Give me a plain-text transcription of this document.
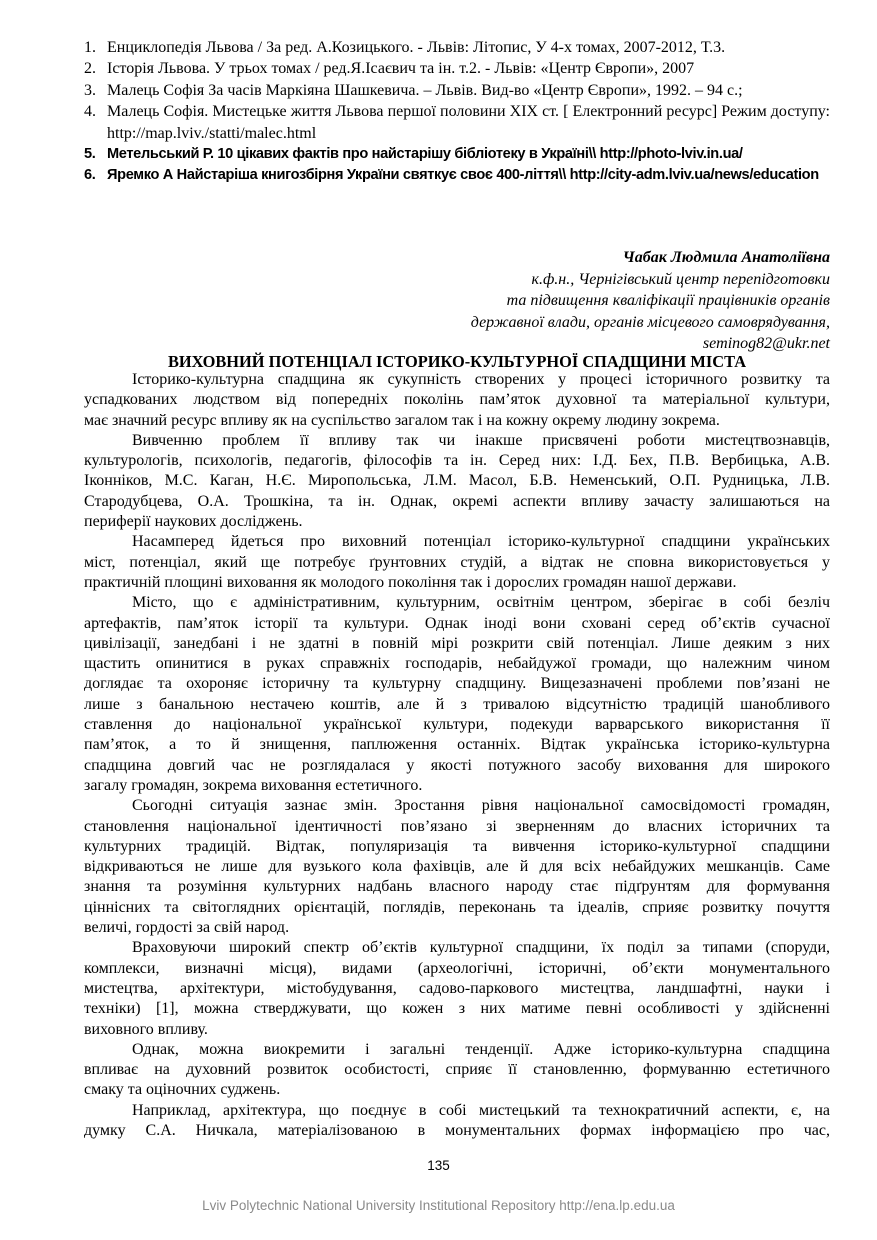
1. Енциклопедія Львова / За ред. А.Козицького. - Львів: Літопис, У 4-х томах, 2007-2012, Т.3.
2. Історія Львова. У трьох томах / ред.Я.Ісаєвич та ін. т.2. - Львів: «Центр Європи», 2007
3. Малець Софія За часів Маркіяна Шашкевича. – Львів. Вид-во «Центр Європи», 1992. – 94 с.;
4. Малець Софія. Мистецьке життя Львова першої половини ХІХ ст. [ Електронний ресурс] Режим доступу: http://map.lviv./statti/malec.html
5. Метельський Р. 10 цікавих фактів про найстарішу бібліотеку в Україні\\ http://photo-lviv.in.ua/
6. Яремко А Найстаріша книгозбірня України святкує своє 400-ліття\\ http://city-adm.lviv.ua/news/education
Чабак Людмила Анатоліївна
к.ф.н., Чернігівський центр перепідготовки
та підвищення кваліфікації працівників органів
державної влади, органів місцевого самоврядування,
seminog82@ukr.net
ВИХОВНИЙ ПОТЕНЦІАЛ ІСТОРИКО-КУЛЬТУРНОЇ СПАДЩИНИ МІСТА
Історико-культурна спадщина як сукупність створених у процесі історичного розвитку та
успадкованих людством від попередніх поколінь пам’яток духовної та матеріальної культури,
має значний ресурс впливу як на суспільство загалом так і на кожну окрему людину зокрема.
Вивченню проблем її впливу так чи інакше присвячені роботи мистецтвознавців,
культурологів, психологів, педагогів, філософів та ін. Серед них: І.Д. Бех, П.В. Вербицька, А.В.
Іконніков, М.С. Каган, Н.Є. Миропольська, Л.М. Масол, Б.В. Неменський, О.П. Рудницька, Л.В.
Стародубцева, О.А. Трошкіна, та ін. Однак, окремі аспекти впливу зачасту залишаються на
периферії наукових досліджень.
Насамперед йдеться про виховний потенціал історико-культурної спадщини українських
міст, потенціал, який ще потребує ґрунтовних студій, а відтак не сповна використовується у
практичній площині виховання як молодого покоління так і дорослих громадян нашої держави.
Місто, що є адміністративним, культурним, освітнім центром, зберігає в собі безліч
артефактів, пам’яток історії та культури. Однак іноді вони сховані серед об’єктів сучасної
цивілізації, занедбані і не здатні в повній мірі розкрити свій потенціал. Лише деяким з них
щастить опинитися в руках справжніх господарів, небайдужої громади, що належним чином
доглядає та охороняє історичну та культурну спадщину. Вищезазначені проблеми пов’язані не
лише з банальною нестачею коштів, але й з тривалою відсутністю традицій шанобливого
ставлення до національної української культури, подекуди варварського використання її
пам’яток, а то й знищення, паплюження останніх. Відтак українська історико-культурна
спадщина довгий час не розглядалася у якості потужного засобу виховання для широкого
загалу громадян, зокрема виховання естетичного.
Сьогодні ситуація зазнає змін. Зростання рівня національної самосвідомості громадян,
становлення національної ідентичності пов’язано зі зверненням до власних історичних та
культурних традицій. Відтак, популяризація та вивчення історико-культурної спадщини
відкриваються не лише для вузького кола фахівців, але й для всіх небайдужих мешканців. Саме
знання та розуміння культурних надбань власного народу стає підґрунтям для формування
ціннісних та світоглядних орієнтацій, поглядів, переконань та ідеалів, сприяє розвитку почуття
величі, гордості за свій народ.
Враховуючи широкий спектр об’єктів культурної спадщини, їх поділ за типами (споруди,
комплекси, визначні місця), видами (археологічні, історичні, об’єкти монументального
мистецтва, архітектури, містобудування, садово-паркового мистецтва, ландшафтні, науки і
техніки) [1], можна стверджувати, що кожен з них матиме певні особливості у здійсненні
виховного впливу.
Однак, можна виокремити і загальні тенденції. Адже історико-культурна спадщина
впливає на духовний розвиток особистості, сприяє її становленню, формуванню естетичного
смаку та оціночних суджень.
Наприклад, архітектура, що поєднує в собі мистецький та технократичний аспекти, є, на
думку С.А. Ничкала, матеріалізованою в монументальних формах інформацією про час,
135
Lviv Polytechnic National University Institutional Repository http://ena.lp.edu.ua
